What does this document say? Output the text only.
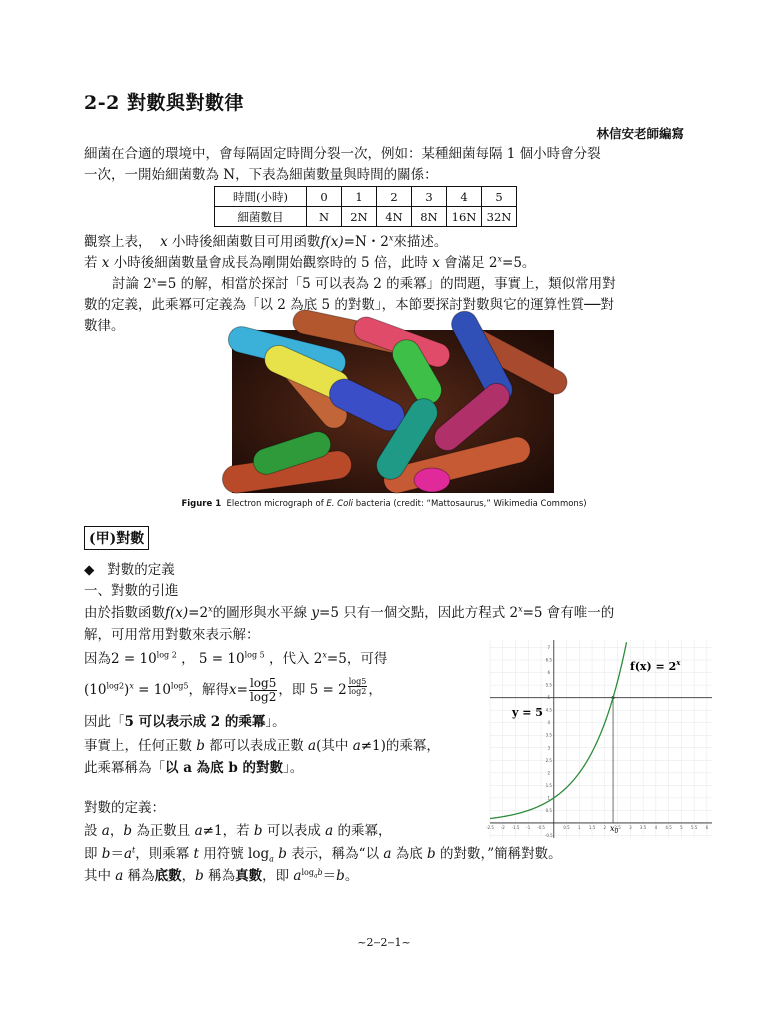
2-2 對數與對數律
林信安老師編寫
細菌在合適的環境中，會每隔固定時間分裂一次，例如：某種細菌每隔 1 個小時會分裂
一次，一開始細菌數為 N，下表為細菌數量與時間的關係：
時間(小時)	0	1	2	3	4	5
細菌數目	N	2N	4N	8N	16N	32N
觀察上表， x 小時後細菌數目可用函數f(x)=N・2$^x$來描述。
若 x 小時後細菌數量會成長為剛開始觀察時的 5 倍，此時 x 會滿足 $2^x=5$。
討論 $2^x=5$ 的解，相當於探討「5 可以表為 2 的乘冪」的問題，事實上，類似常用對
數的定義，此乘冪可定義為「以 2 為底 5 的對數」，本節要探討對數與它的運算性質──對
數律。
Figure 1 Electron micrograph of E. Coli bacteria (credit: “Mattosaurus,” Wikimedia Commons)
(甲)對數
◆ 對數的定義
一、對數的引進
由於指數函數$f(x)=2^x$的圖形與水平線 y=5 只有一個交點，因此方程式 $2^x=5$ 會有唯一的
解，可用常用對數來表示解：
因為$2 = 10^{log 2}$ ， $5 = 10^{log 5}$ ，代入 $2^x=5$，可得
$(10^{log2})^x = 10^{log5}$，解得$x= \frac{\log 5}{\log 2}$ ，即 5 = 2 $^{\frac{\log 5}{\log 2}}$ ，
因此「5 可以表示成 2 的乘冪」。
事實上，任何正數 b 都可以表成正數 a(其中 a≠1)的乘冪，
此乘冪稱為「以 a 為底 b 的對數」。
對數的定義：
設 a，b 為正數且 a≠1，若 b 可以表成 a 的乘冪，
即 $b=a^t$，則乘冪 t 用符號 $\log_a b$ 表示，稱為“以 a 為底 b 的對數，”簡稱對數。
其中 a 稱為底數，b 稱為真數，即 $a^{log_ab}=b$。
-2.5 -2 -1.5 -1 -0.5	0.5 1 1.5 2 2.5 3 3.5 4 4.5 5 5.5 6
7
6.5
6
5.5
5
4.5
4
3.5
3
2.5
2
1.5
1
0.5
-0.5
$f(x) = 2^x$
y = 5
$x_0$
~2‒2‒1~
